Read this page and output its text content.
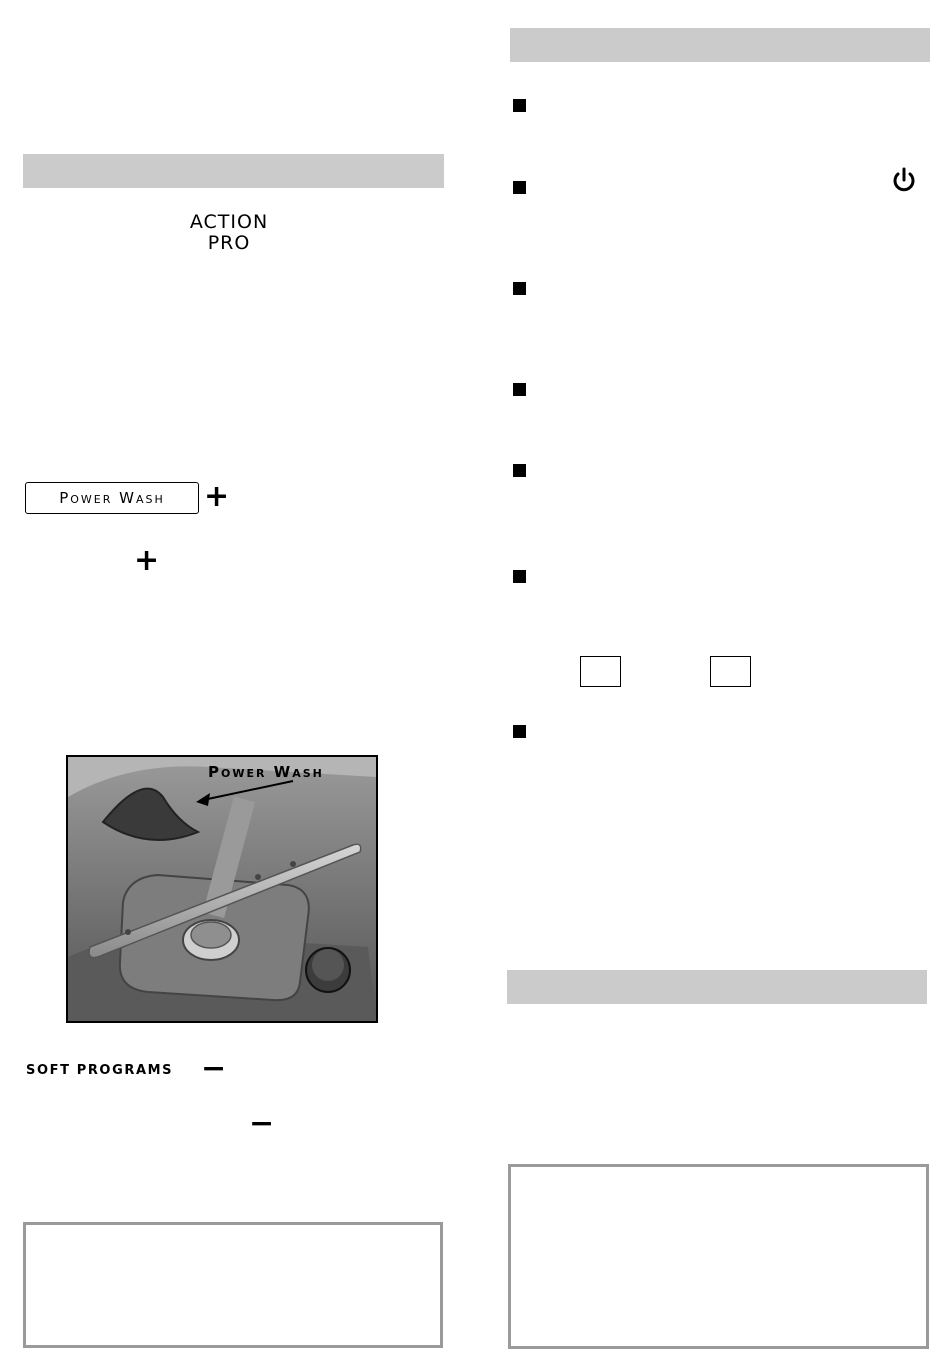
ACTION
PRO
Power Wash	+
+
Power Wash
SOFT PROGRAMS −
−
